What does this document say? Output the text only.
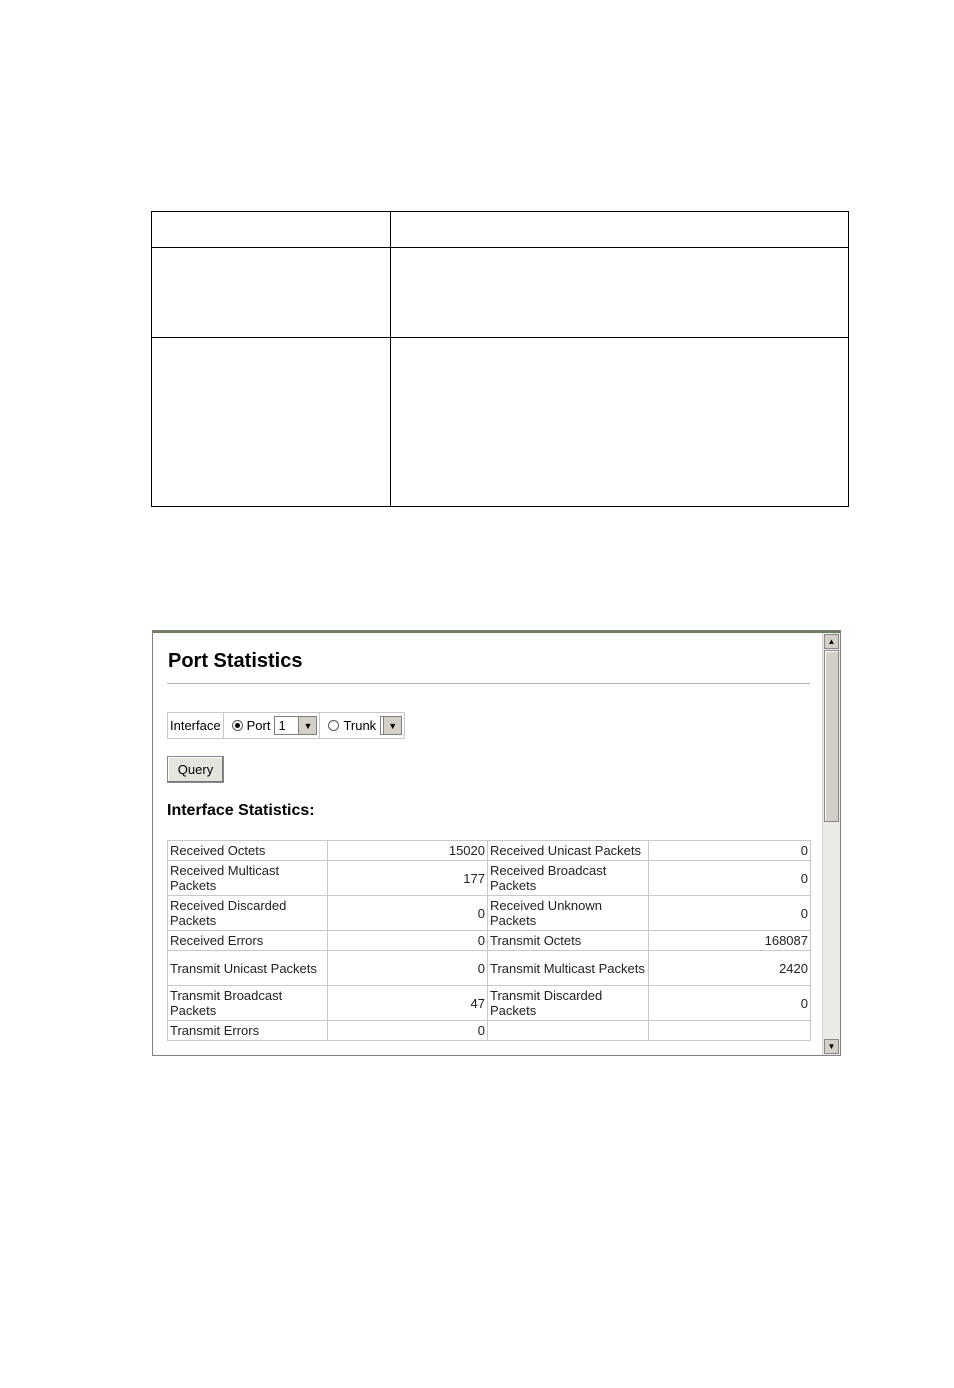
Port Statistics
Interface Port 1	▼	Trunk	▼
Query
Interface Statistics:
Received Octets	15020	Received Unicast Packets	0
Received Multicast Packets	177	Received Broadcast Packets	0
Received Discarded Packets	0	Received Unknown Packets	0
Received Errors	0	Transmit Octets	168087
Transmit Unicast Packets	0	Transmit Multicast Packets	2420
Transmit Broadcast Packets	47	Transmit Discarded Packets	0
Transmit Errors	0		
▲
▼
